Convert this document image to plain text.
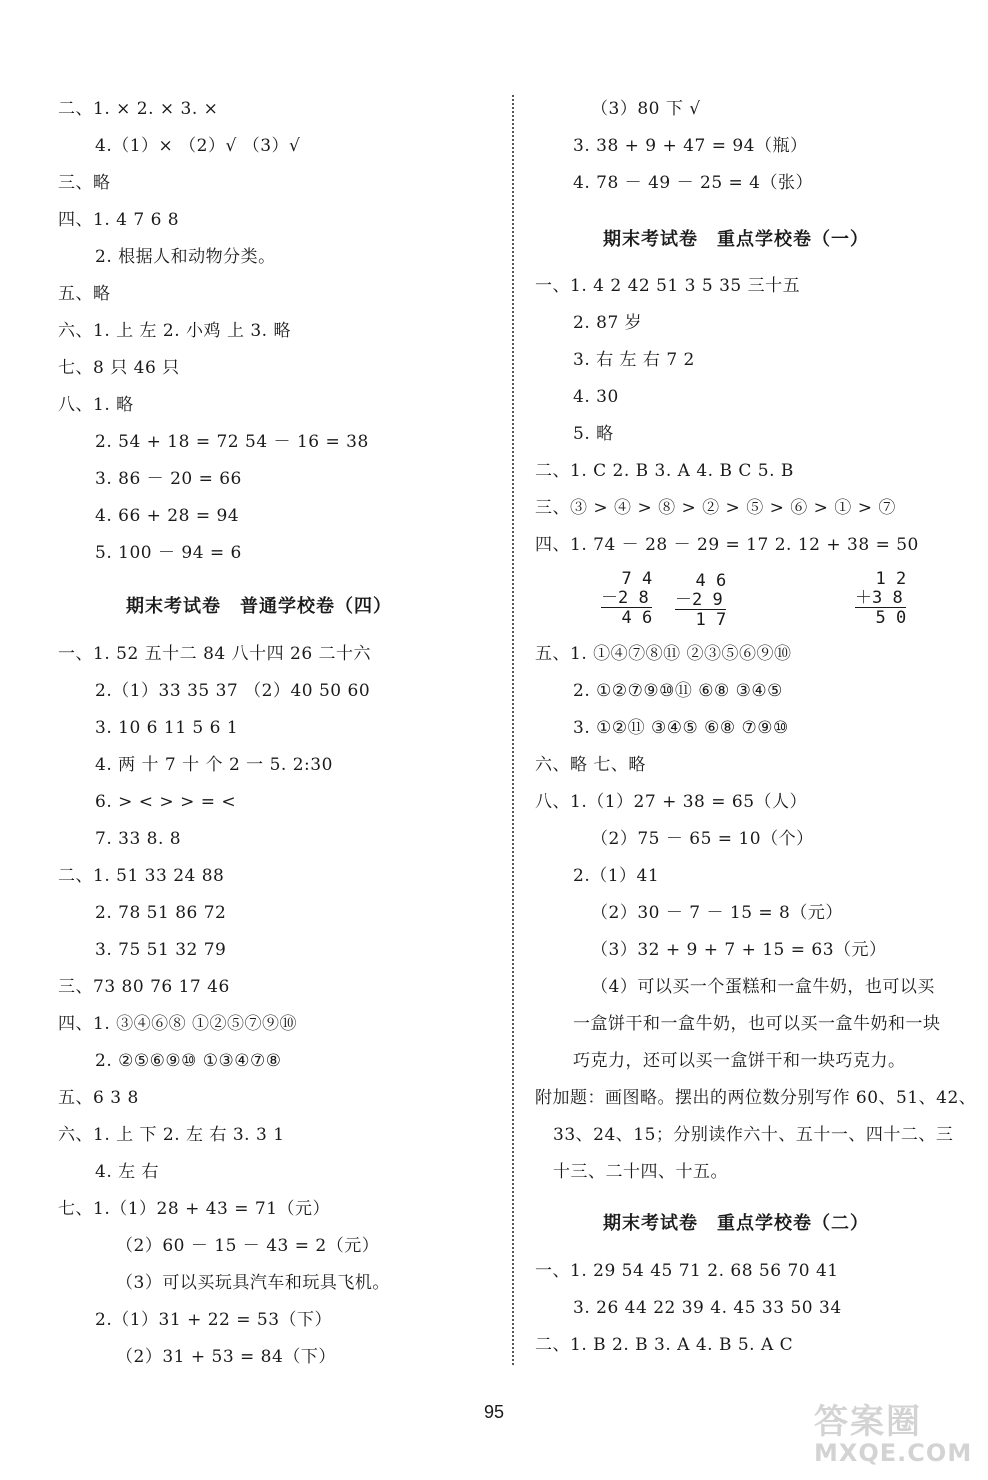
二、1. × 2. × 3. ×
4.（1）× （2）√ （3）√
三、略
四、1. 4 7 6 8
2. 根据人和动物分类。
五、略
六、1. 上 左 2. 小鸡 上 3. 略
七、8 只 46 只
八、1. 略
2. 54 + 18 = 72 54 － 16 = 38
3. 86 － 20 = 66
4. 66 + 28 = 94
5. 100 － 94 = 6
期末考试卷　普通学校卷（四）
一、1. 52 五十二 84 八十四 26 二十六
2.（1）33 35 37 （2）40 50 60
3. 10 6 11 5 6 1
4. 两 十 7 十 个 2 一 5. 2:30
6. > < > > = <
7. 33 8. 8
二、1. 51 33 24 88
2. 78 51 86 72
3. 75 51 32 79
三、73 80 76 17 46
四、1. ③④⑥⑧ ①②⑤⑦⑨⑩
2. ②⑤⑥⑨⑩ ①③④⑦⑧
五、6 3 8
六、1. 上 下 2. 左 右 3. 3 1
4. 左 右
七、1.（1）28 + 43 = 71（元）
（2）60 － 15 － 43 = 2（元）
（3）可以买玩具汽车和玩具飞机。
2.（1）31 + 22 = 53（下）
（2）31 + 53 = 84（下）
（3）80 下 √
3. 38 + 9 + 47 = 94（瓶）
4. 78 － 49 － 25 = 4（张）
期末考试卷　重点学校卷（一）
一、1. 4 2 42 51 3 5 35 三十五
2. 87 岁
3. 右 左 右 7 2
4. 30
5. 略
二、1. C 2. B 3. A 4. B C 5. B
三、③ > ④ > ⑧ > ② > ⑤ > ⑥ > ① > ⑦
四、1. 74 － 28 － 29 = 17 2. 12 + 38 = 50
7 4
－2 8
4 6
4 6
－2 9
1 7
1 2
＋3 8
5 0
五、1. ①④⑦⑧⑪ ②③⑤⑥⑨⑩
2. ①②⑦⑨⑩⑪ ⑥⑧ ③④⑤
3. ①②⑪ ③④⑤ ⑥⑧ ⑦⑨⑩
六、略 七、略
八、1.（1）27 + 38 = 65（人）
（2）75 － 65 = 10（个）
2.（1）41
（2）30 － 7 － 15 = 8（元）
（3）32 + 9 + 7 + 15 = 63（元）
（4）可以买一个蛋糕和一盒牛奶，也可以买
一盒饼干和一盒牛奶，也可以买一盒牛奶和一块
巧克力，还可以买一盒饼干和一块巧克力。
附加题：画图略。摆出的两位数分别写作 60、51、42、
33、24、15；分别读作六十、五十一、四十二、三
十三、二十四、十五。
期末考试卷　重点学校卷（二）
一、1. 29 54 45 71 2. 68 56 70 41
3. 26 44 22 39 4. 45 33 50 34
二、1. B 2. B 3. A 4. B 5. A C
95	答案圈
MXQE.COM
